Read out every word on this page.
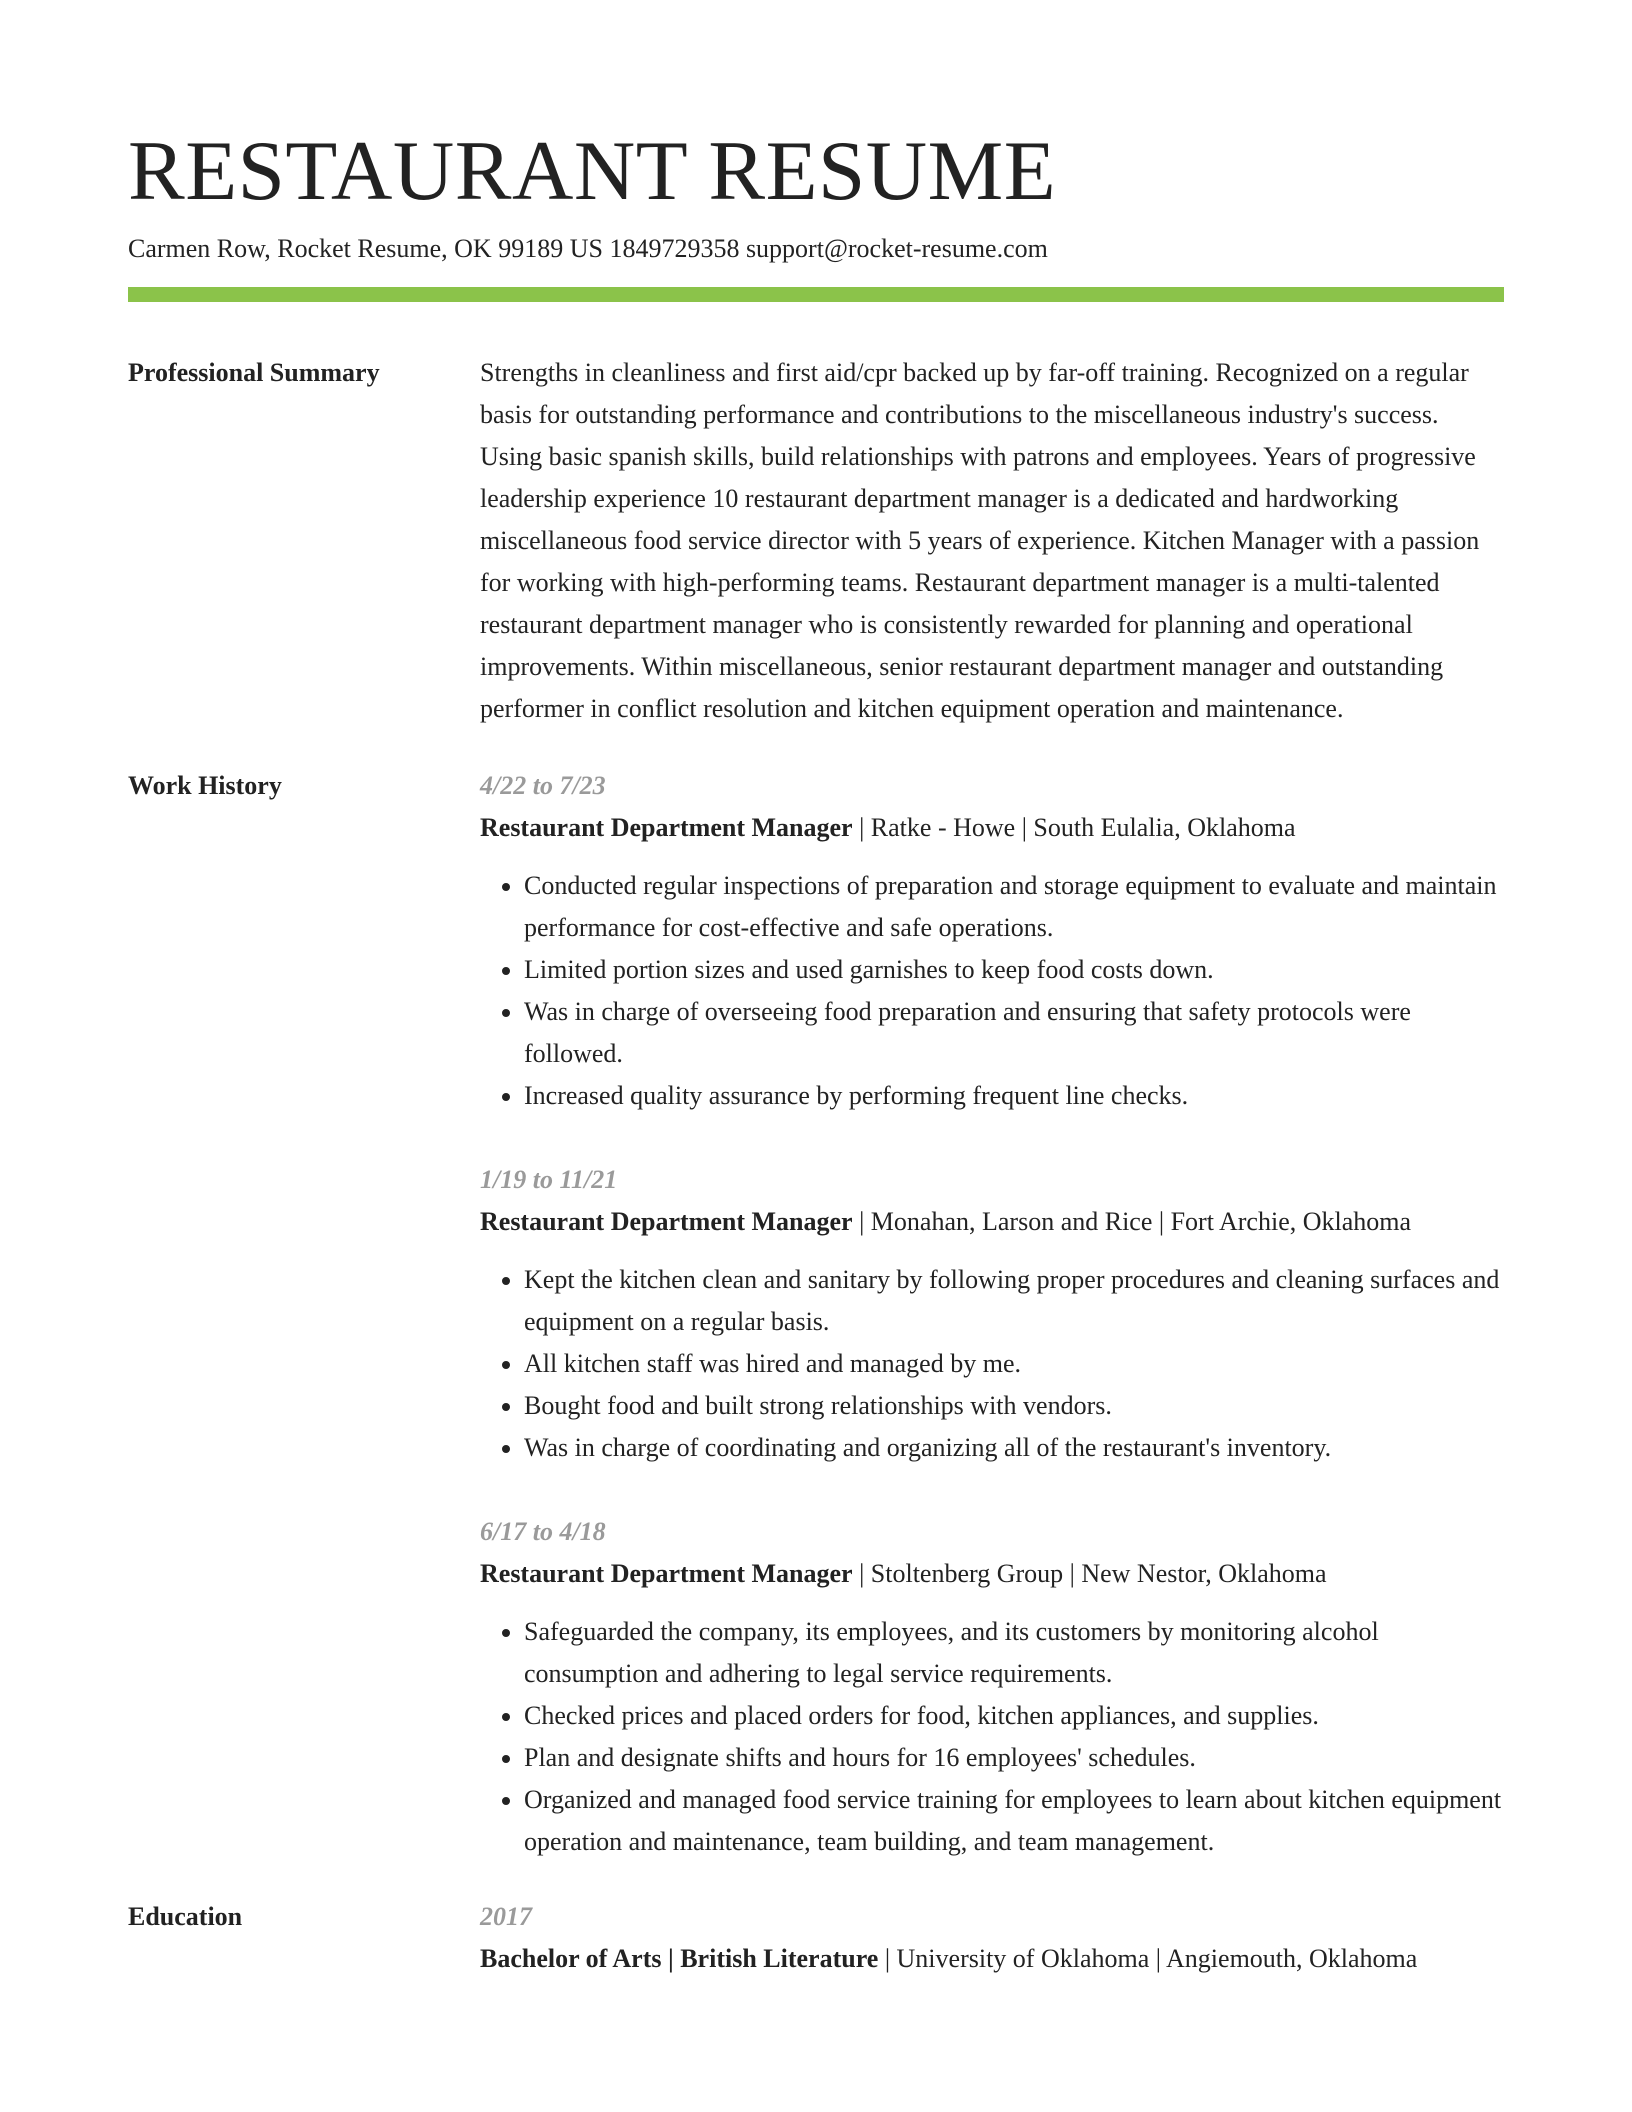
RESTAURANT RESUME
Carmen Row, Rocket Resume, OK 99189 US 1849729358 support@rocket-resume.com
Professional Summary	Strengths in cleanliness and first aid/cpr backed up by far-off training. Recognized on a regular basis for outstanding performance and contributions to the miscellaneous industry's success. Using basic spanish skills, build relationships with patrons and employees. Years of progressive leadership experience 10 restaurant department manager is a dedicated and hardworking miscellaneous food service director with 5 years of experience. Kitchen Manager with a passion for working with high-performing teams. Restaurant department manager is a multi-talented restaurant department manager who is consistently rewarded for planning and operational improvements. Within miscellaneous, senior restaurant department manager and outstanding performer in conflict resolution and kitchen equipment operation and maintenance.

Work History	4/22 to 7/23
Restaurant Department Manager | Ratke - Howe | South Eulalia, Oklahoma
• Conducted regular inspections of preparation and storage equipment to evaluate and maintain performance for cost-effective and safe operations.
• Limited portion sizes and used garnishes to keep food costs down.
• Was in charge of overseeing food preparation and ensuring that safety protocols were followed.
• Increased quality assurance by performing frequent line checks.
1/19 to 11/21
Restaurant Department Manager | Monahan, Larson and Rice | Fort Archie, Oklahoma
• Kept the kitchen clean and sanitary by following proper procedures and cleaning surfaces and equipment on a regular basis.
• All kitchen staff was hired and managed by me.
• Bought food and built strong relationships with vendors.
• Was in charge of coordinating and organizing all of the restaurant's inventory.
6/17 to 4/18
Restaurant Department Manager | Stoltenberg Group | New Nestor, Oklahoma
• Safeguarded the company, its employees, and its customers by monitoring alcohol consumption and adhering to legal service requirements.
• Checked prices and placed orders for food, kitchen appliances, and supplies.
• Plan and designate shifts and hours for 16 employees' schedules.
• Organized and managed food service training for employees to learn about kitchen equipment operation and maintenance, team building, and team management.
Education	2017
Bachelor of Arts | British Literature | University of Oklahoma | Angiemouth, Oklahoma
